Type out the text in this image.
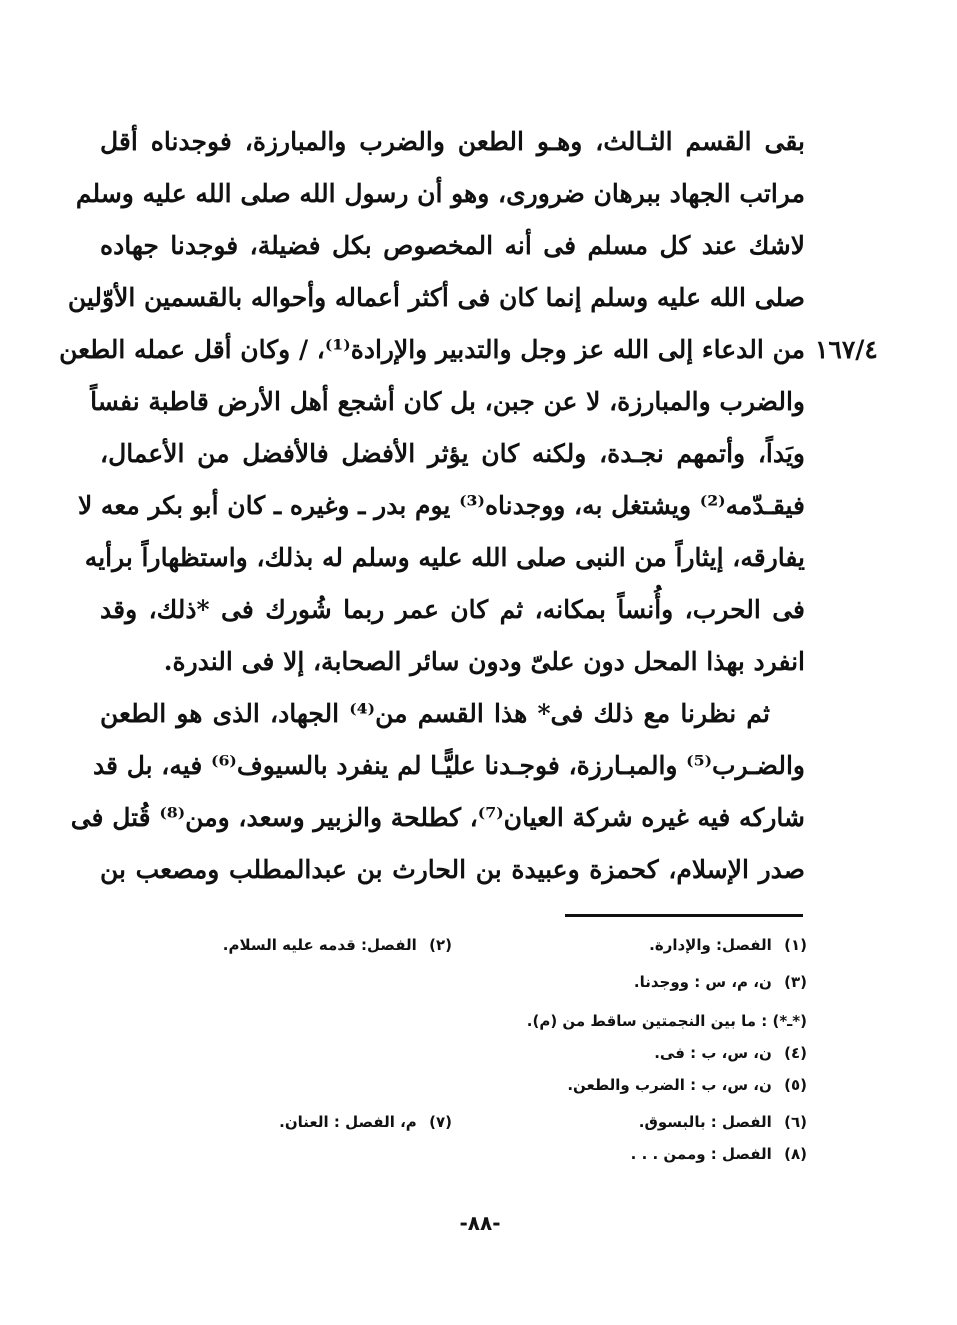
بقى القسم الثـالث، وهـو الطعن والضرب والمبارزة، فوجدناه أقل
مراتب الجهاد ببرهان ضرورى، وهو أن رسول الله صلى الله عليه وسلم
لاشك عند كل مسلم فى أنه المخصوص بكل فضيلة، فوجدنا جهاده
صلى الله عليه وسلم إنما كان فى أكثر أعماله وأحواله بالقسمين الأوّلين
من الدعاء إلى الله عز وجل والتدبير والإرادة⁽¹⁾، / وكان أقل عمله الطعن
والضرب والمبارزة، لا عن جبن، بل كان أشجع أهل الأرض قاطبة نفساً
ويَداً، وأتمهم نجـدة، ولكنه كان يؤثر الأفضل فالأفضل من الأعمال،
فيقـدّمه⁽²⁾ ويشتغل به، ووجدناه⁽³⁾ يوم بدر ـ وغيره ـ كان أبو بكر معه لا
يفارقه، إيثاراً من النبى صلى الله عليه وسلم له بذلك، واستظهاراً برأيه
فى الحرب، وأُنساً بمكانه، ثم كان عمر ربما شُورك فى *ذلك، وقد
انفرد بهذا المحل دون علىّ ودون سائر الصحابة، إلا فى الندرة.
ثم نظرنا مع ذلك فى* هذا القسم من⁽⁴⁾ الجهاد، الذى هو الطعن
والضـرب⁽⁵⁾ والمبـارزة، فوجـدنا عليًّـا لم ينفرد بالسيوف⁽⁶⁾ فيه، بل قد
شاركه فيه غيره شركة العيان⁽⁷⁾، كطلحة والزبير وسعد، ومن⁽⁸⁾ قُتل فى
صدر الإسلام، كحمزة وعبيدة بن الحارث بن عبدالمطلب ومصعب بن
١٦٧/٤
(١) الفصل: والإدارة.
(٢) الفصل: قدمه عليه السلام.
(٣) ن، م، س : ووجدنا.
(*ـ*) : ما بين النجمتين ساقط من (م).
(٤) ن، س، ب : فى.
(٥) ن، س، ب : الضرب والطعن.
(٦) الفصل : بالبسوق.
(٧) م، الفصل : العنان.
(٨) الفصل : وممن . . .
-٨٨-
